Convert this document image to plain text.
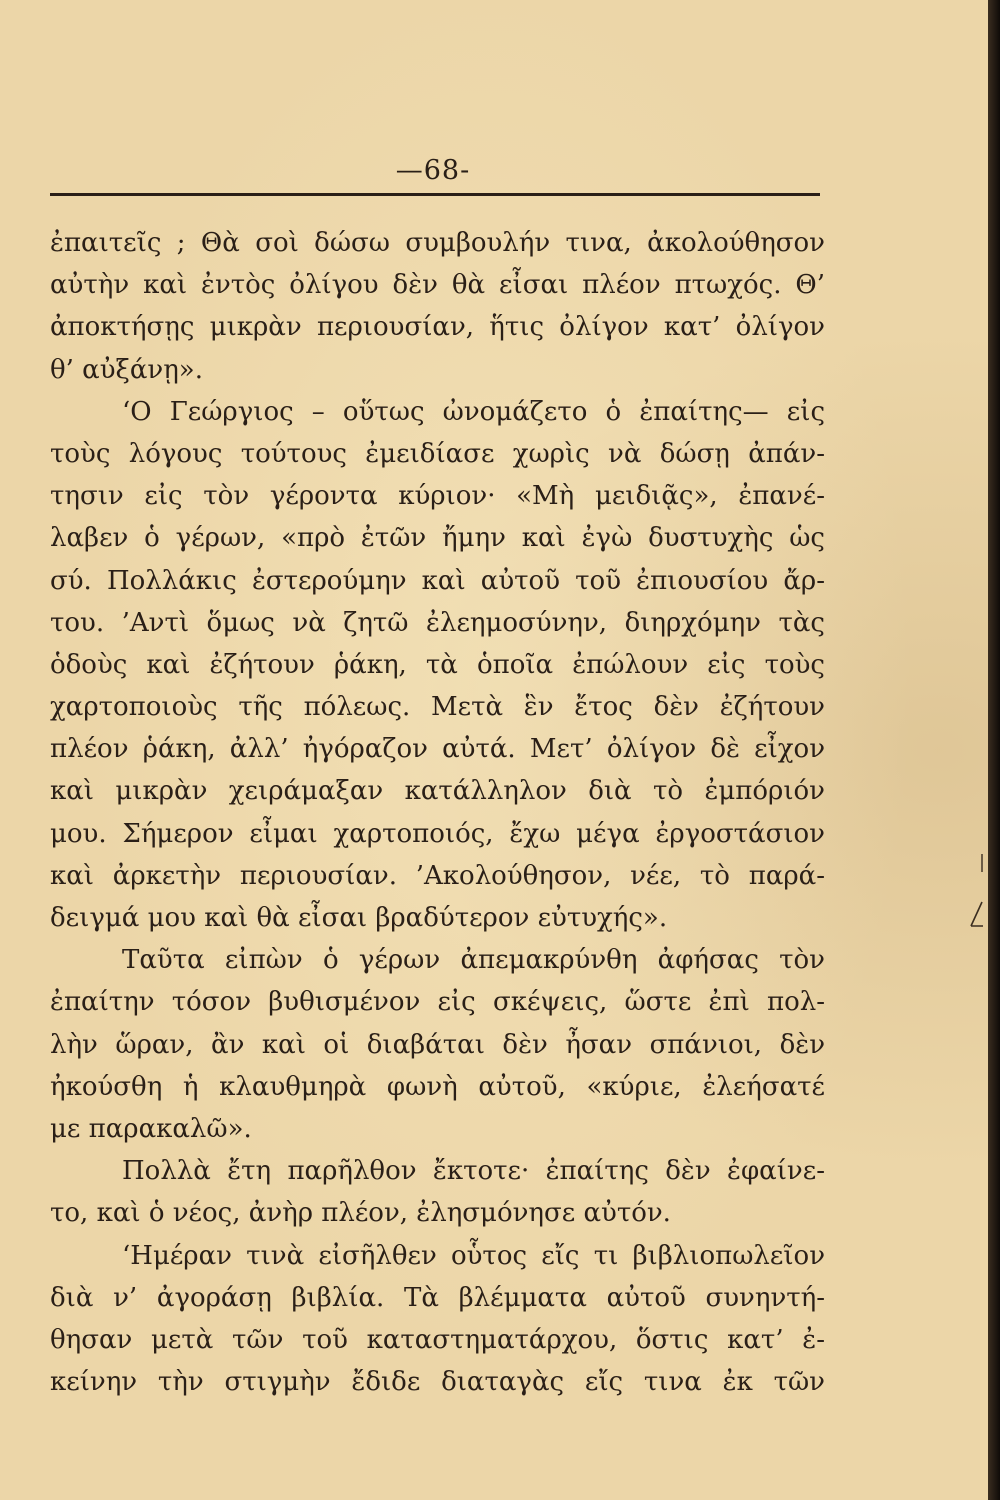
—68-
ἐπαιτεῖς ; Θὰ σοὶ δώσω συμβουλήν τινα, ἀκολούθησον
αὐτὴν καὶ ἐντὸς ὀλίγου δὲν θὰ εἶσαι πλέον πτωχός. Θ’
ἀποκτήσῃς μικρὰν περιουσίαν, ἥτις ὀλίγον κατ’ ὀλίγον
θ’ αὐξάνῃ».
‘Ο Γεώργιος – οὕτως ὠνομάζετο ὁ ἐπαίτης— εἰς
τοὺς λόγους τούτους ἐμειδίασε χωρὶς νὰ δώσῃ ἀπάν-
τησιν εἰς τὸν γέροντα κύριον· «Μὴ μειδιᾷς», ἐπανέ-
λαβεν ὁ γέρων, «πρὸ ἐτῶν ἤμην καὶ ἐγὼ δυστυχὴς ὡς
σύ. Πολλάκις ἐστερούμην καὶ αὐτοῦ τοῦ ἐπιουσίου ἄρ-
του. ’Αντὶ ὅμως νὰ ζητῶ ἐλεημοσύνην, διηρχόμην τὰς
ὁδοὺς καὶ ἐζήτουν ῥάκη, τὰ ὁποῖα ἐπώλουν εἰς τοὺς
χαρτοποιοὺς τῆς πόλεως. Μετὰ ἓν ἔτος δὲν ἐζήτουν
πλέον ῥάκη, ἀλλ’ ἠγόραζον αὐτά. Μετ’ ὀλίγον δὲ εἶχον
καὶ μικρὰν χειράμαξαν κατάλληλον διὰ τὸ ἐμπόριόν
μου. Σήμερον εἶμαι χαρτοποιός, ἔχω μέγα ἐργοστάσιον
καὶ ἀρκετὴν περιουσίαν. ’Ακολούθησον, νέε, τὸ παρά-
δειγμά μου καὶ θὰ εἶσαι βραδύτερον εὐτυχής».
Ταῦτα εἰπὼν ὁ γέρων ἀπεμακρύνθη ἀφήσας τὸν
ἐπαίτην τόσον βυθισμένον εἰς σκέψεις, ὥστε ἐπὶ πολ-
λὴν ὥραν, ἂν καὶ οἱ διαβάται δὲν ἦσαν σπάνιοι, δὲν
ἠκούσθη ἡ κλαυθμηρὰ φωνὴ αὐτοῦ, «κύριε, ἐλεήσατέ
με παρακαλῶ».
Πολλὰ ἔτη παρῆλθον ἔκτοτε· ἐπαίτης δὲν ἐφαίνε-
το, καὶ ὁ νέος, ἀνὴρ πλέον, ἐλησμόνησε αὐτόν.
‘Ημέραν τινὰ εἰσῆλθεν οὗτος εἴς τι βιβλιοπωλεῖον
διὰ ν’ ἀγοράσῃ βιβλία. Τὰ βλέμματα αὐτοῦ συνηντή-
θησαν μετὰ τῶν τοῦ καταστηματάρχου, ὅστις κατ’ ἐ-
κείνην τὴν στιγμὴν ἔδιδε διαταγὰς εἴς τινα ἐκ τῶν
